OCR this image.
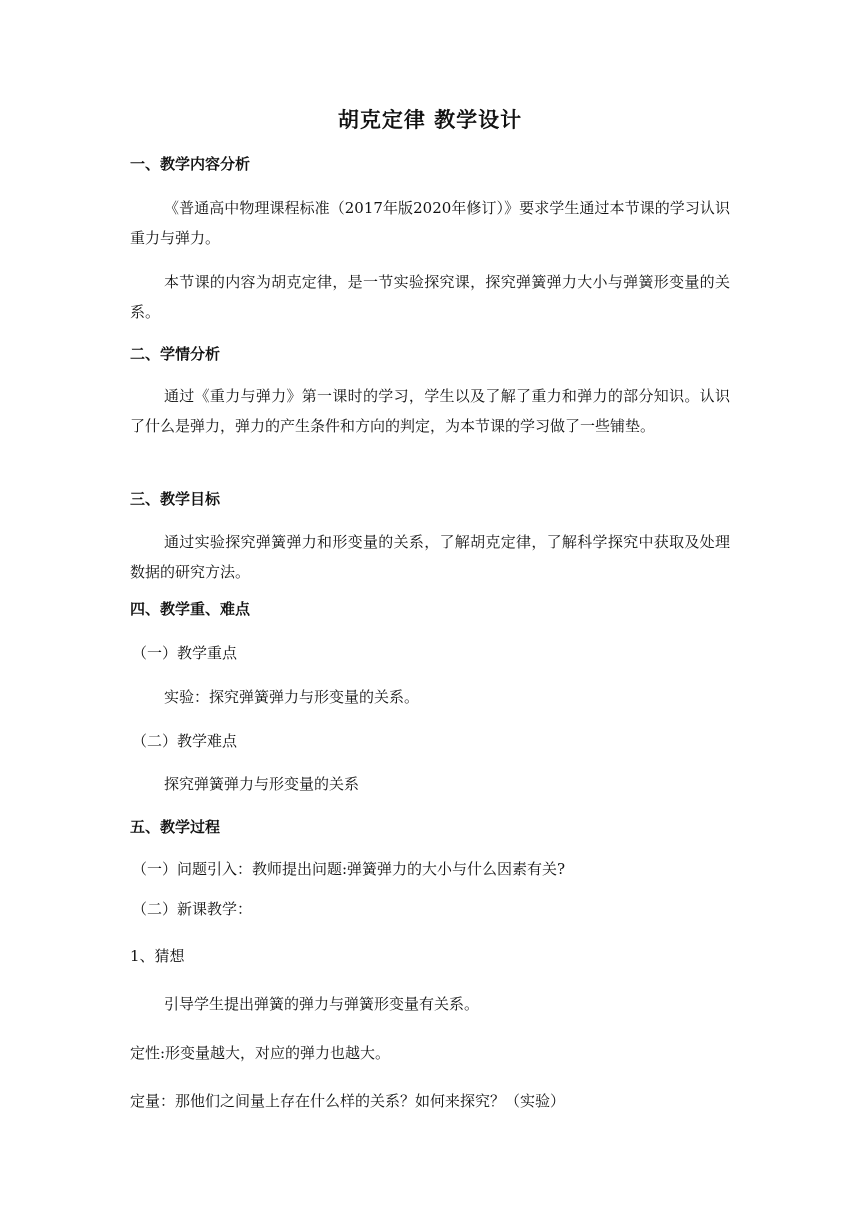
胡克定律 教学设计
一、教学内容分析
《普通高中物理课程标准（2017年版2020年修订）》要求学生通过本节课的学习认识重力与弹力。
本节课的内容为胡克定律，是一节实验探究课，探究弹簧弹力大小与弹簧形变量的关系。
二、学情分析
通过《重力与弹力》第一课时的学习，学生以及了解了重力和弹力的部分知识。认识了什么是弹力，弹力的产生条件和方向的判定，为本节课的学习做了一些铺垫。
三、教学目标
通过实验探究弹簧弹力和形变量的关系，了解胡克定律，了解科学探究中获取及处理数据的研究方法。
四、教学重、难点
（一）教学重点
实验：探究弹簧弹力与形变量的关系。
（二）教学难点
探究弹簧弹力与形变量的关系
五、教学过程
（一）问题引入：教师提出问题:弹簧弹力的大小与什么因素有关?
（二）新课教学：
1、猜想
引导学生提出弹簧的弹力与弹簧形变量有关系。
定性:形变量越大，对应的弹力也越大。
定量：那他们之间量上存在什么样的关系？如何来探究？（实验）
